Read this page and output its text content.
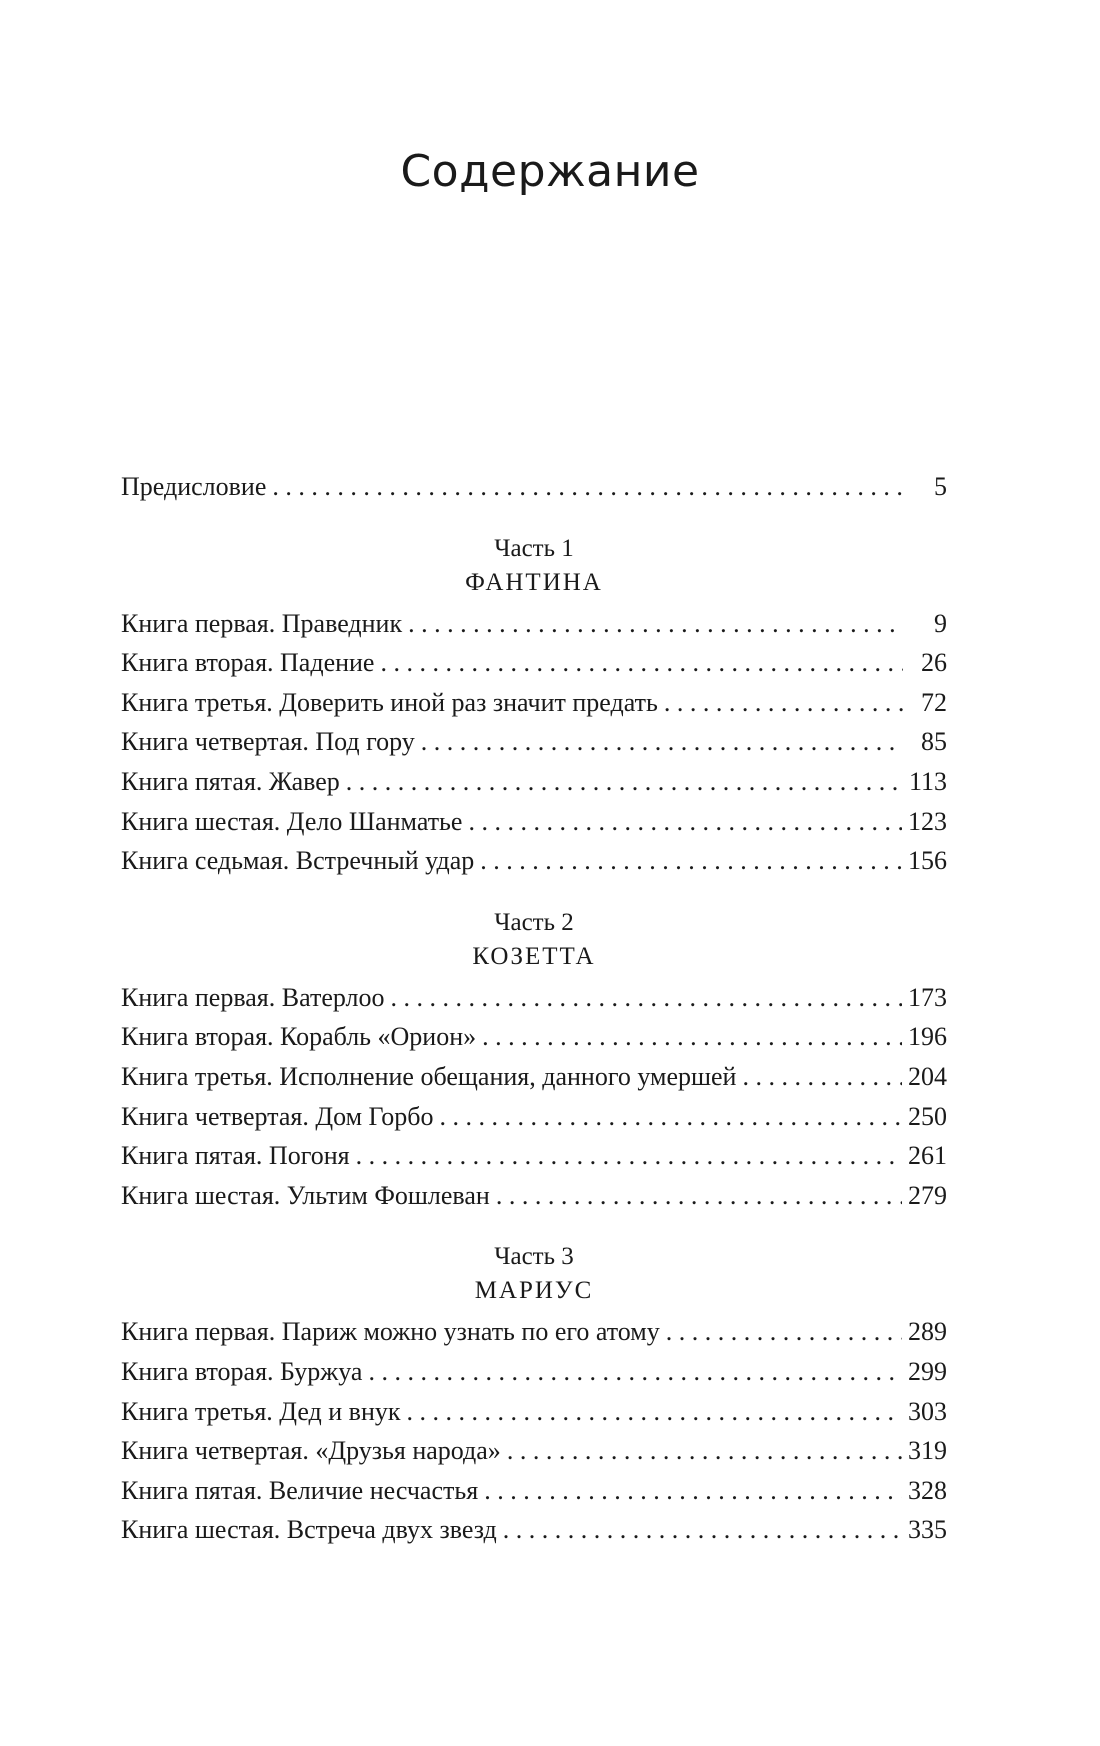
Содержание
Предисловие . . .	5
Часть 1
ФАНТИНА
Книга первая. Праведник . . .	9
Книга вторая. Падение . . .	26
Книга третья. Доверить иной раз значит предать . . .	72
Книга четвертая. Под гору . . .	85
Книга пятая. Жавер . . .	113
Книга шестая. Дело Шанматье . . .	123
Книга седьмая. Встречный удар . . .	156
Часть 2
КОЗЕТТА
Книга первая. Ватерлоо . . .	173
Книга вторая. Корабль «Орион» . . .	196
Книга третья. Исполнение обещания, данного умершей . . .	204
Книга четвертая. Дом Горбо . . .	250
Книга пятая. Погоня . . .	261
Книга шестая. Ультим Фошлеван . . .	279
Часть 3
МАРИУС
Книга первая. Париж можно узнать по его атому . . .	289
Книга вторая. Буржуа . . .	299
Книга третья. Дед и внук . . .	303
Книга четвертая. «Друзья народа» . . .	319
Книга пятая. Величие несчастья . . .	328
Книга шестая. Встреча двух звезд . . .	335
